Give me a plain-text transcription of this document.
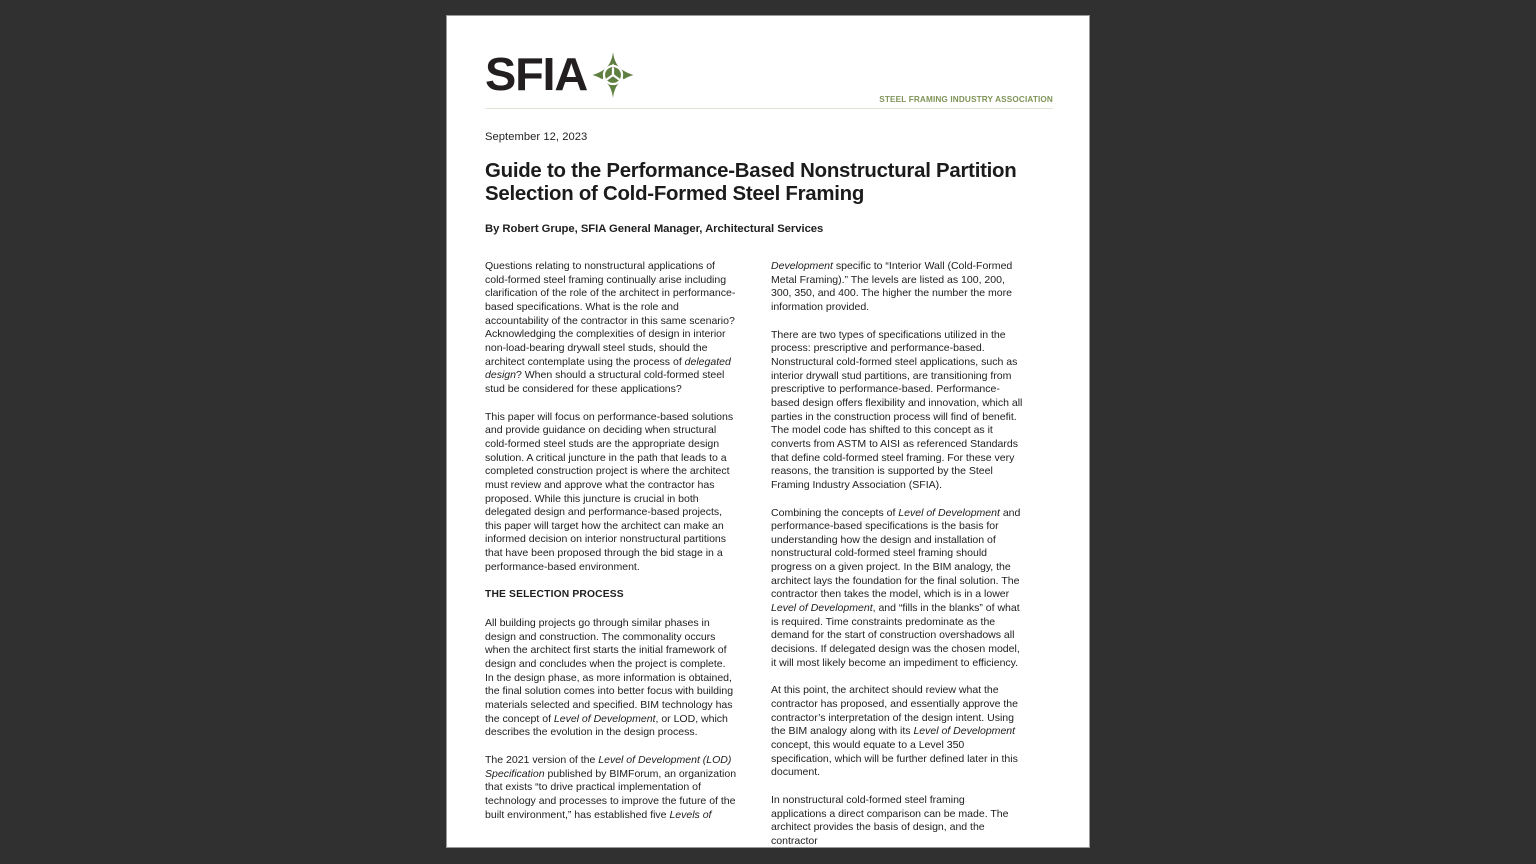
SFIA	STEEL FRAMING INDUSTRY ASSOCIATION
September 12, 2023
Guide to the Performance-Based Nonstructural Partition Selection of Cold-Formed Steel Framing
By Robert Grupe, SFIA General Manager, Architectural Services

Questions relating to nonstructural applications of cold-formed steel framing continually arise including clarification of the role of the architect in performance-based specifications. What is the role and accountability of the contractor in this same scenario? Acknowledging the complexities of design in interior non-load-bearing drywall steel studs, should the architect contemplate using the process of delegated design? When should a structural cold-formed steel stud be considered for these applications?

This paper will focus on performance-based solutions and provide guidance on deciding when structural cold-formed steel studs are the appropriate design solution. A critical juncture in the path that leads to a completed construction project is where the architect must review and approve what the contractor has proposed. While this juncture is crucial in both delegated design and performance-based projects, this paper will target how the architect can make an informed decision on interior nonstructural partitions that have been proposed through the bid stage in a performance-based environment.

THE SELECTION PROCESS

All building projects go through similar phases in design and construction. The commonality occurs when the architect first starts the initial framework of design and concludes when the project is complete. In the design phase, as more information is obtained, the final solution comes into better focus with building materials selected and specified. BIM technology has the concept of Level of Development, or LOD, which describes the evolution in the design process.

The 2021 version of the Level of Development (LOD) Specification published by BIMForum, an organization that exists “to drive practical implementation of technology and processes to improve the future of the built environment,” has established five Levels of

Development specific to “Interior Wall (Cold-Formed Metal Framing).” The levels are listed as 100, 200, 300, 350, and 400. The higher the number the more information provided.

There are two types of specifications utilized in the process: prescriptive and performance-based. Nonstructural cold-formed steel applications, such as interior drywall stud partitions, are transitioning from prescriptive to performance-based. Performance-based design offers flexibility and innovation, which all parties in the construction process will find of benefit. The model code has shifted to this concept as it converts from ASTM to AISI as referenced Standards that define cold-formed steel framing. For these very reasons, the transition is supported by the Steel Framing Industry Association (SFIA).

Combining the concepts of Level of Development and performance-based specifications is the basis for understanding how the design and installation of nonstructural cold-formed steel framing should progress on a given project. In the BIM analogy, the architect lays the foundation for the final solution. The contractor then takes the model, which is in a lower Level of Development, and “fills in the blanks” of what is required. Time constraints predominate as the demand for the start of construction overshadows all decisions. If delegated design was the chosen model, it will most likely become an impediment to efficiency.

At this point, the architect should review what the contractor has proposed, and essentially approve the contractor’s interpretation of the design intent. Using the BIM analogy along with its Level of Development concept, this would equate to a Level 350 specification, which will be further defined later in this document.

In nonstructural cold-formed steel framing applications a direct comparison can be made. The architect provides the basis of design, and the contractor
